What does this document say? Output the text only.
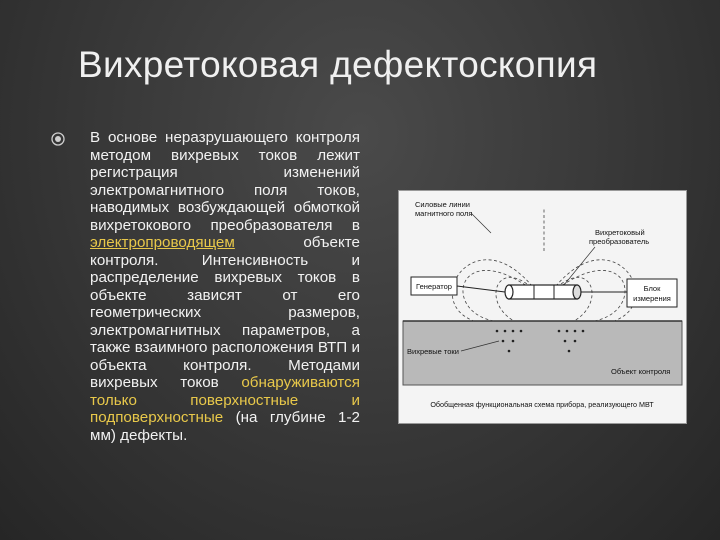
Вихретоковая дефектоскопия
В основе неразрушающего контроля методом вихревых токов лежит регистрация изменений электромагнитного поля токов, наводимых возбуждающей обмоткой вихретокового преобразователя в электропроводящем объекте контроля. Интенсивность и распределение вихревых токов в объекте зависят от его геометрических размеров, электромагнитных параметров, а также взаимного расположения ВТП и объекта контроля. Методами вихревых токов обнаруживаются только поверхностные и подповерхностные (на глубине 1-2 мм) дефекты.
Генератор	Блок
измерения
Силовые линии
магнитного поля
Вихретоковый
преобразователь
Вихревые токи
Объект контроля
Обобщенная функциональная схема прибора, реализующего МВТ
